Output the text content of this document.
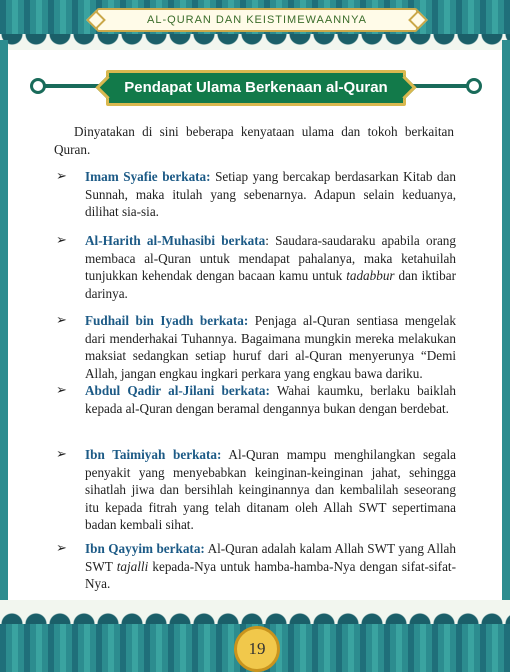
AL-QURAN DAN KEISTIMEWAANNYA
Pendapat Ulama Berkenaan al-Quran
Dinyatakan di sini beberapa kenyataan ulama dan tokoh berkaitan Quran.
➢ Imam Syafie berkata: Setiap yang bercakap berdasarkan Kitab dan Sunnah, maka itulah yang sebenarnya. Adapun selain keduanya, dilihat sia-sia.
➢ Al-Harith al-Muhasibi berkata: Saudara-saudaraku apabila orang membaca al-Quran untuk mendapat pahalanya, maka ketahuilah tunjukkan kehendak dengan bacaan kamu untuk tadabbur dan iktibar darinya.
➢ Fudhail bin Iyadh berkata: Penjaga al-Quran sentiasa mengelak dari menderhakai Tuhannya. Bagaimana mungkin mereka melakukan maksiat sedangkan setiap huruf dari al-Quran menyerunya “Demi Allah, jangan engkau ingkari perkara yang engkau bawa dariku.
➢ Abdul Qadir al-Jilani berkata: Wahai kaumku, berlaku baiklah kepada al-Quran dengan beramal dengannya bukan dengan berdebat.
➢ Ibn Taimiyah berkata: Al-Quran mampu menghilangkan segala penyakit yang menyebabkan keinginan-keinginan jahat, sehingga sihatlah jiwa dan bersihlah keinginannya dan kembalilah seseorang itu kepada fitrah yang telah ditanam oleh Allah SWT sepertimana badan kembali sihat.
➢ Ibn Qayyim berkata: Al-Quran adalah kalam Allah SWT yang Allah SWT tajalli kepada-Nya untuk hamba-hamba-Nya dengan sifat-sifat-Nya.
19
